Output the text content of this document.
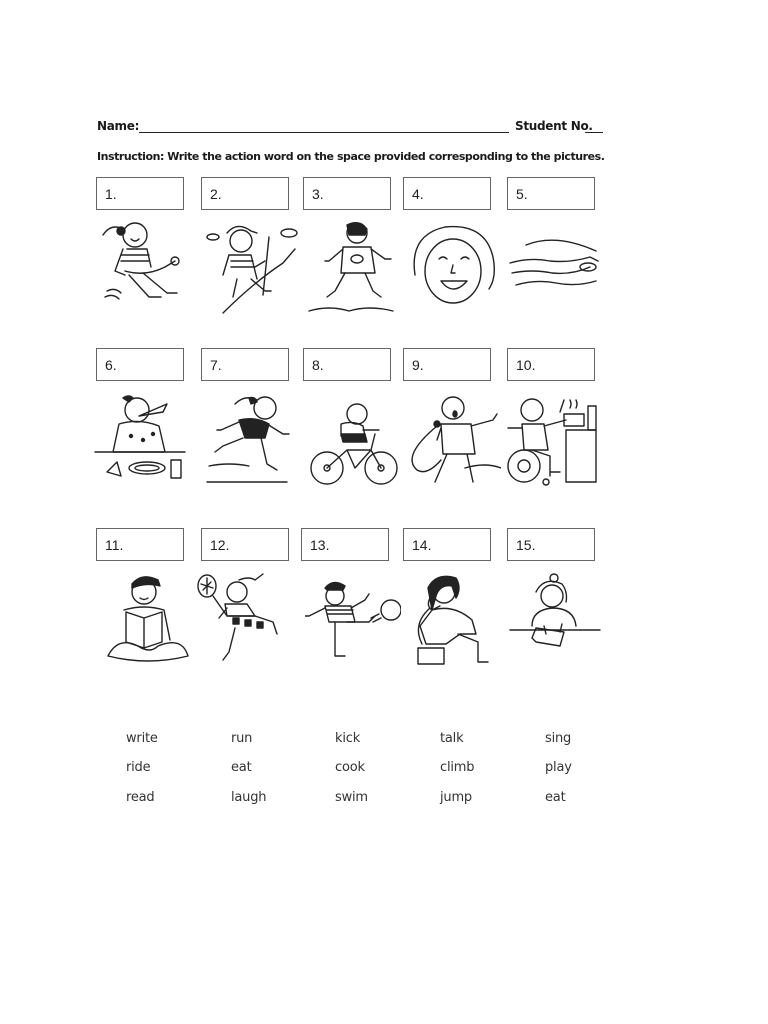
Name:	Student No.
Instruction: Write the action word on the space provided corresponding to the pictures.
1.	2.	3.	4.	5.
6.	7.	8.	9.	10.
11.	12.	13.	14.	15.
write	run	kick	talk	sing
ride	eat	cook	climb	play
read	laugh	swim	jump	eat
